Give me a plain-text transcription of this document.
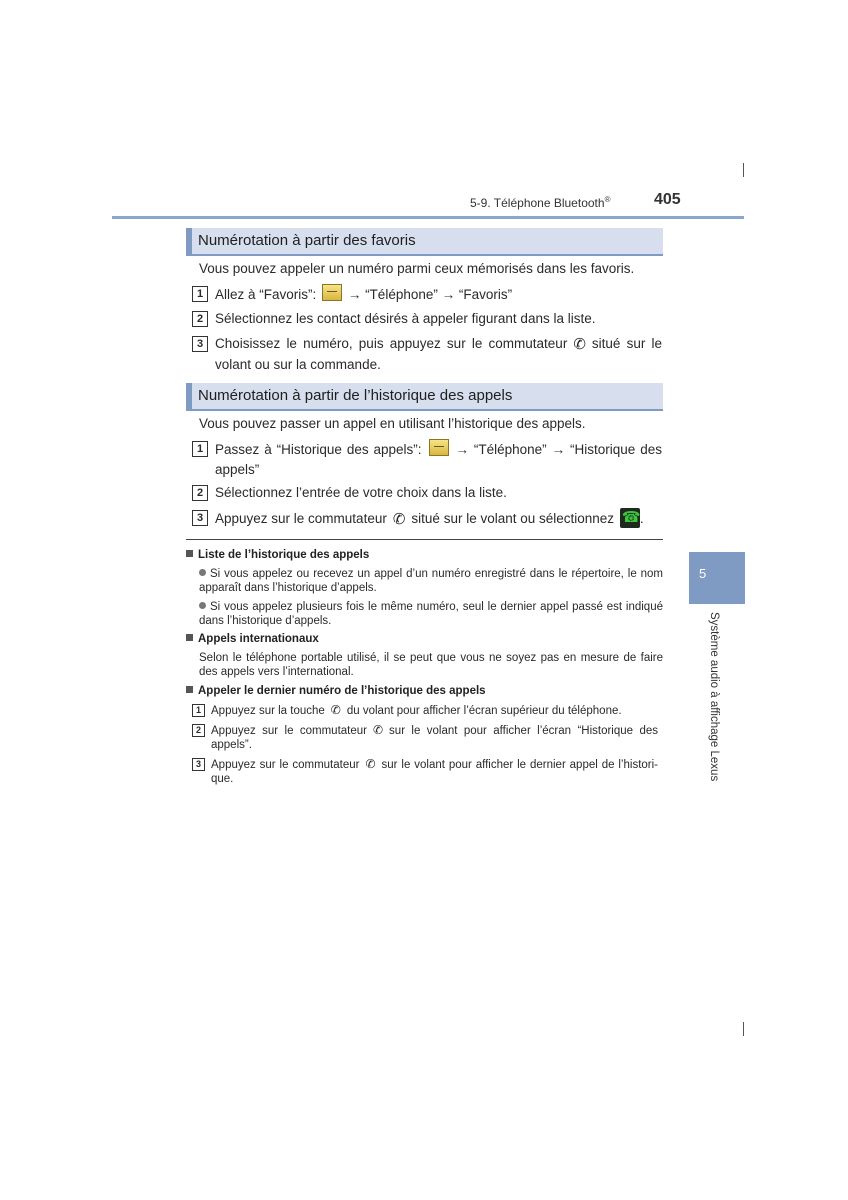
5-9. Téléphone Bluetooth®	405
Numérotation à partir des favoris
Vous pouvez appeler un numéro parmi ceux mémorisés dans les favoris.
1 Allez à “Favoris”: → “Téléphone” → “Favoris”
2 Sélectionnez les contact désirés à appeler figurant dans la liste.
3 Choisissez le numéro, puis appuyez sur le commutateur ✆ situé sur le volant ou sur la commande.
Numérotation à partir de l’historique des appels
Vous pouvez passer un appel en utilisant l’historique des appels.
1 Passez à “Historique des appels”:	→ “Téléphone” → “Historique des appels”
2 Sélectionnez l’entrée de votre choix dans la liste.
3 Appuyez sur le commutateur ✆ situé sur le volant ou sélectionnez ☎ .
Liste de l’historique des appels
Si vous appelez ou recevez un appel d’un numéro enregistré dans le répertoire, le nom apparaît dans l’historique d’appels.
Si vous appelez plusieurs fois le même numéro, seul le dernier appel passé est indiqué dans l’historique d’appels.
Appels internationaux
Selon le téléphone portable utilisé, il se peut que vous ne soyez pas en mesure de faire des appels vers l’international.
Appeler le dernier numéro de l’historique des appels
1 Appuyez sur la touche ✆ du volant pour afficher l’écran supérieur du téléphone.
2 Appuyez sur le commutateur ✆ sur le volant pour afficher l’écran “Historique des appels”.
3 Appuyez sur le commutateur ✆ sur le volant pour afficher le dernier appel de l’histori-que.
5
Système audio à affichage Lexus
